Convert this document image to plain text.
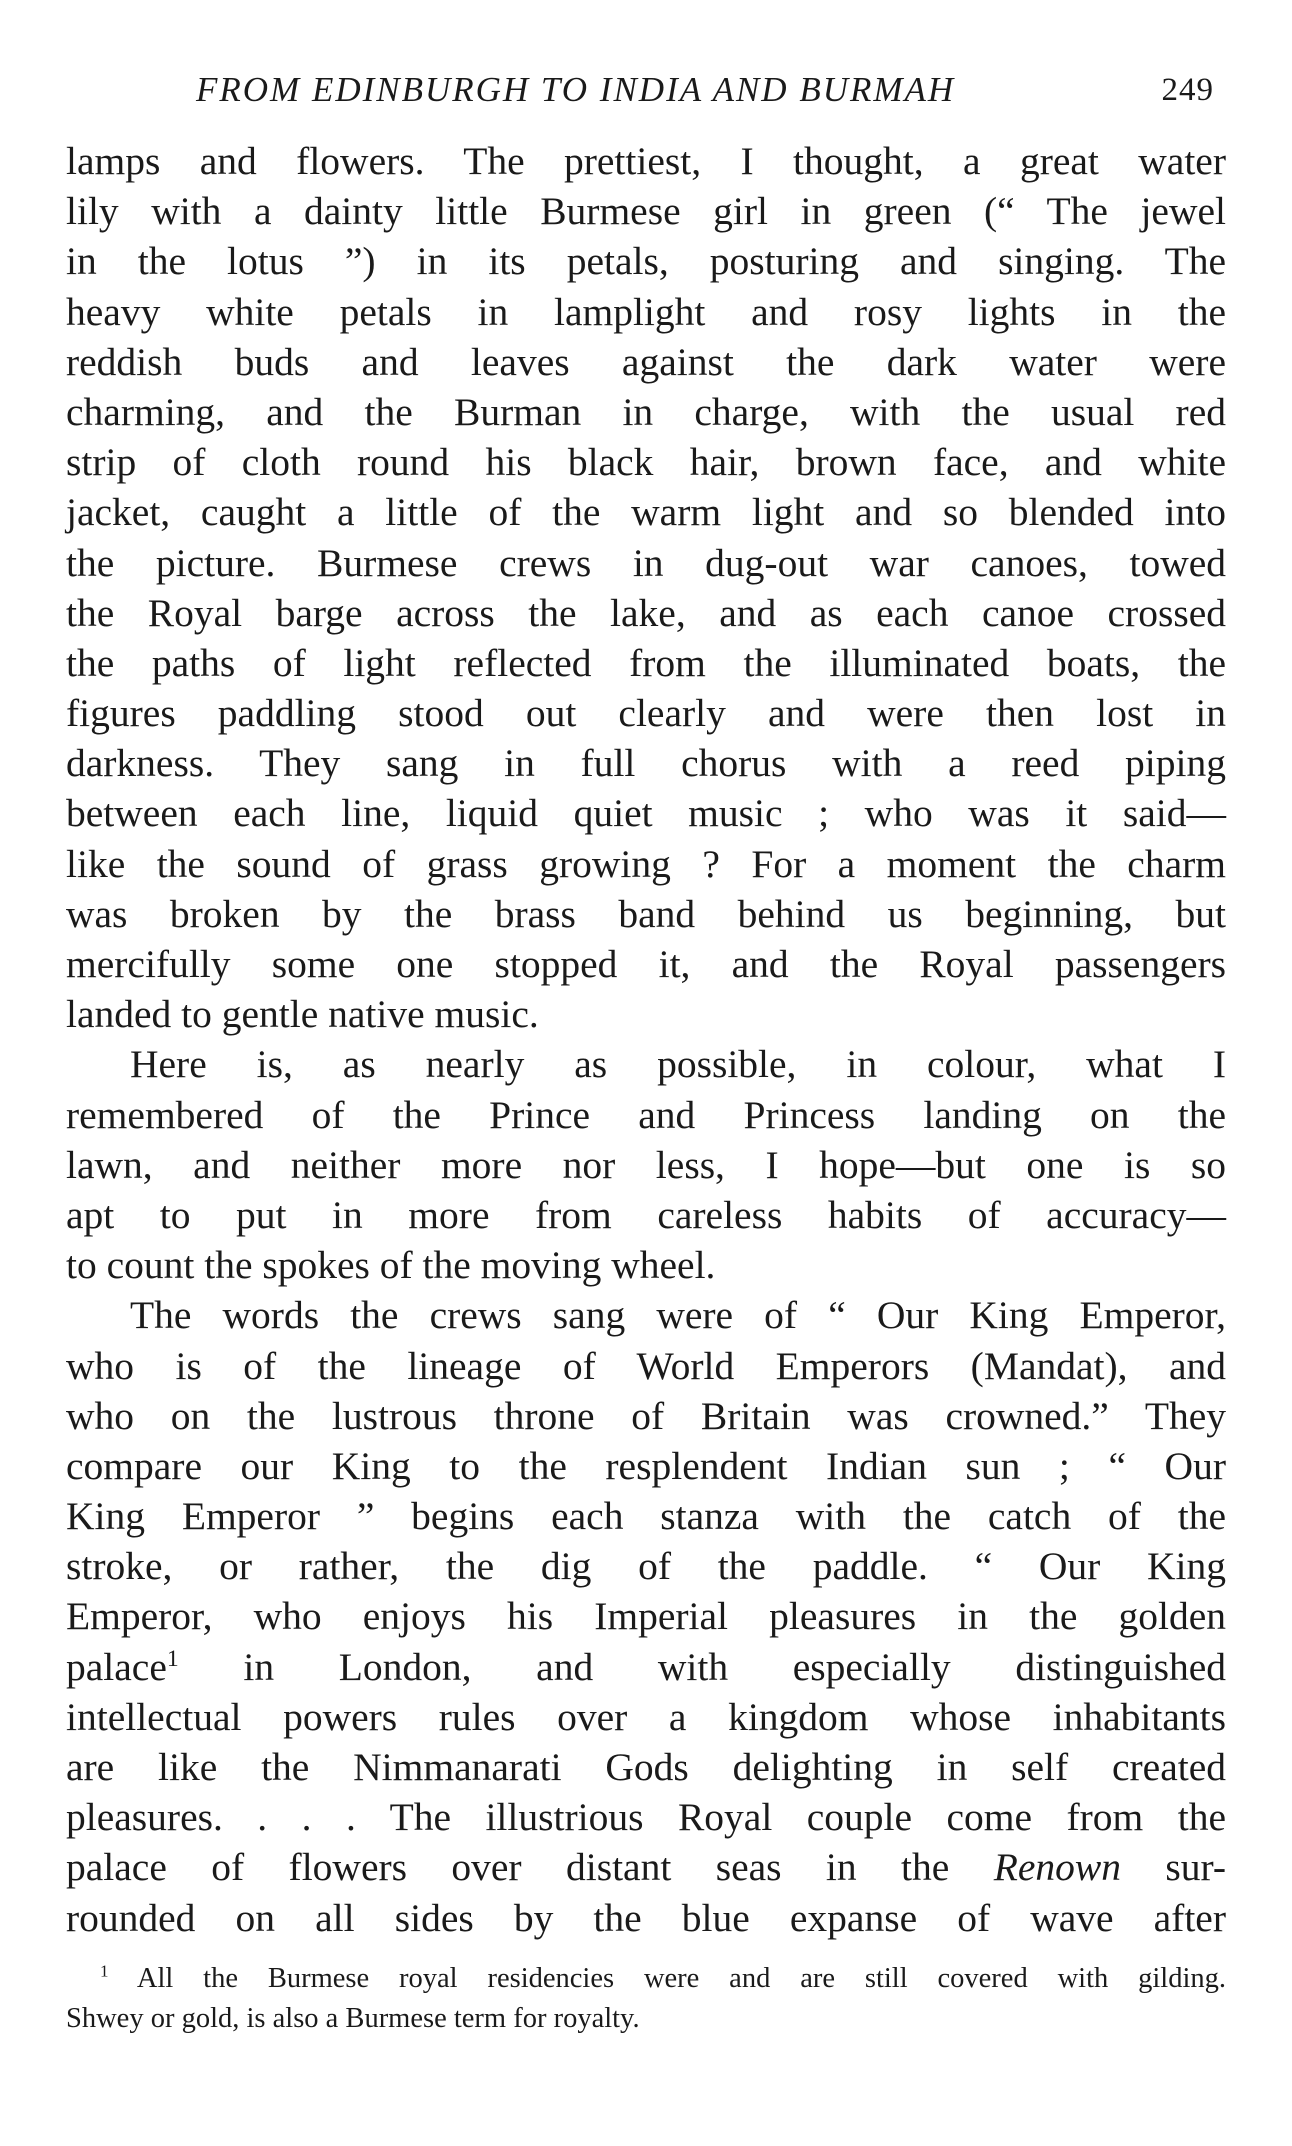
FROM EDINBURGH TO INDIA AND BURMAH	249
lamps and flowers. The prettiest, I thought, a great water
lily with a dainty little Burmese girl in green (“ The jewel
in the lotus ”) in its petals, posturing and singing. The
heavy white petals in lamplight and rosy lights in the
reddish buds and leaves against the dark water were
charming, and the Burman in charge, with the usual red
strip of cloth round his black hair, brown face, and white
jacket, caught a little of the warm light and so blended into
the picture. Burmese crews in dug-out war canoes, towed
the Royal barge across the lake, and as each canoe crossed
the paths of light reflected from the illuminated boats, the
figures paddling stood out clearly and were then lost in
darkness. They sang in full chorus with a reed piping
between each line, liquid quiet music ; who was it said—
like the sound of grass growing ? For a moment the charm
was broken by the brass band behind us beginning, but
mercifully some one stopped it, and the Royal passengers
landed to gentle native music.
Here is, as nearly as possible, in colour, what I
remembered of the Prince and Princess landing on the
lawn, and neither more nor less, I hope—but one is so
apt to put in more from careless habits of accuracy—
to count the spokes of the moving wheel.
The words the crews sang were of “ Our King Emperor,
who is of the lineage of World Emperors (Mandat), and
who on the lustrous throne of Britain was crowned.” They
compare our King to the resplendent Indian sun ; “ Our
King Emperor ” begins each stanza with the catch of the
stroke, or rather, the dig of the paddle. “ Our King
Emperor, who enjoys his Imperial pleasures in the golden
palace$^1$ in London, and with especially distinguished
intellectual powers rules over a kingdom whose inhabitants
are like the Nimmanarati Gods delighting in self created
pleasures. . . . The illustrious Royal couple come from the
palace of flowers over distant seas in the Renown sur-
rounded on all sides by the blue expanse of wave after
$^1$ All the Burmese royal residencies were and are still covered with gilding.
Shwey or gold, is also a Burmese term for royalty.
